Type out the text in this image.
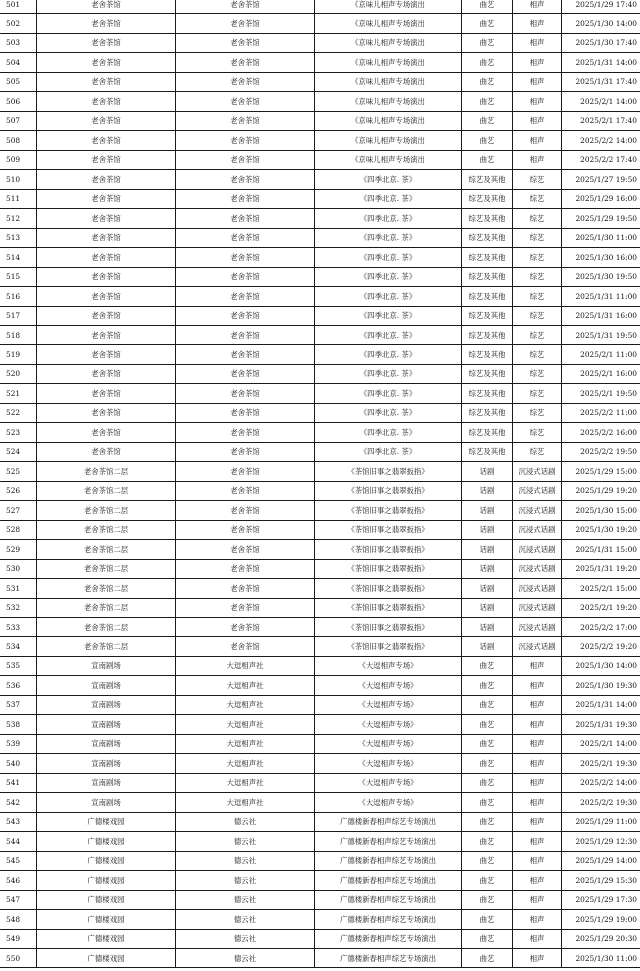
501	老舍茶馆	老舍茶馆	《京味儿相声专场演出	曲艺	相声	2025/1/29 17:40
502	老舍茶馆	老舍茶馆	《京味儿相声专场演出	曲艺	相声	2025/1/30 14:00
503	老舍茶馆	老舍茶馆	《京味儿相声专场演出	曲艺	相声	2025/1/30 17:40
504	老舍茶馆	老舍茶馆	《京味儿相声专场演出	曲艺	相声	2025/1/31 14:00
505	老舍茶馆	老舍茶馆	《京味儿相声专场演出	曲艺	相声	2025/1/31 17:40
506	老舍茶馆	老舍茶馆	《京味儿相声专场演出	曲艺	相声	2025/2/1 14:00
507	老舍茶馆	老舍茶馆	《京味儿相声专场演出	曲艺	相声	2025/2/1 17:40
508	老舍茶馆	老舍茶馆	《京味儿相声专场演出	曲艺	相声	2025/2/2 14:00
509	老舍茶馆	老舍茶馆	《京味儿相声专场演出	曲艺	相声	2025/2/2 17:40
510	老舍茶馆	老舍茶馆	《四季北京. 茶》	综艺及其他	综艺	2025/1/27 19:50
511	老舍茶馆	老舍茶馆	《四季北京. 茶》	综艺及其他	综艺	2025/1/29 16:00
512	老舍茶馆	老舍茶馆	《四季北京. 茶》	综艺及其他	综艺	2025/1/29 19:50
513	老舍茶馆	老舍茶馆	《四季北京. 茶》	综艺及其他	综艺	2025/1/30 11:00
514	老舍茶馆	老舍茶馆	《四季北京. 茶》	综艺及其他	综艺	2025/1/30 16:00
515	老舍茶馆	老舍茶馆	《四季北京. 茶》	综艺及其他	综艺	2025/1/30 19:50
516	老舍茶馆	老舍茶馆	《四季北京. 茶》	综艺及其他	综艺	2025/1/31 11:00
517	老舍茶馆	老舍茶馆	《四季北京. 茶》	综艺及其他	综艺	2025/1/31 16:00
518	老舍茶馆	老舍茶馆	《四季北京. 茶》	综艺及其他	综艺	2025/1/31 19:50
519	老舍茶馆	老舍茶馆	《四季北京. 茶》	综艺及其他	综艺	2025/2/1 11:00
520	老舍茶馆	老舍茶馆	《四季北京. 茶》	综艺及其他	综艺	2025/2/1 16:00
521	老舍茶馆	老舍茶馆	《四季北京. 茶》	综艺及其他	综艺	2025/2/1 19:50
522	老舍茶馆	老舍茶馆	《四季北京. 茶》	综艺及其他	综艺	2025/2/2 11:00
523	老舍茶馆	老舍茶馆	《四季北京. 茶》	综艺及其他	综艺	2025/2/2 16:00
524	老舍茶馆	老舍茶馆	《四季北京. 茶》	综艺及其他	综艺	2025/2/2 19:50
525	老舍茶馆二层	老舍茶馆	《茶馆旧事之翡翠扳指》	话剧	沉浸式话剧	2025/1/29 15:00
526	老舍茶馆二层	老舍茶馆	《茶馆旧事之翡翠扳指》	话剧	沉浸式话剧	2025/1/29 19:20
527	老舍茶馆二层	老舍茶馆	《茶馆旧事之翡翠扳指》	话剧	沉浸式话剧	2025/1/30 15:00
528	老舍茶馆二层	老舍茶馆	《茶馆旧事之翡翠扳指》	话剧	沉浸式话剧	2025/1/30 19:20
529	老舍茶馆二层	老舍茶馆	《茶馆旧事之翡翠扳指》	话剧	沉浸式话剧	2025/1/31 15:00
530	老舍茶馆二层	老舍茶馆	《茶馆旧事之翡翠扳指》	话剧	沉浸式话剧	2025/1/31 19:20
531	老舍茶馆二层	老舍茶馆	《茶馆旧事之翡翠扳指》	话剧	沉浸式话剧	2025/2/1 15:00
532	老舍茶馆二层	老舍茶馆	《茶馆旧事之翡翠扳指》	话剧	沉浸式话剧	2025/2/1 19:20
533	老舍茶馆二层	老舍茶馆	《茶馆旧事之翡翠扳指》	话剧	沉浸式话剧	2025/2/2 17:00
534	老舍茶馆二层	老舍茶馆	《茶馆旧事之翡翠扳指》	话剧	沉浸式话剧	2025/2/2 19:20
535	宣南剧场	大逗相声社	《大逗相声专场》	曲艺	相声	2025/1/30 14:00
536	宣南剧场	大逗相声社	《大逗相声专场》	曲艺	相声	2025/1/30 19:30
537	宣南剧场	大逗相声社	《大逗相声专场》	曲艺	相声	2025/1/31 14:00
538	宣南剧场	大逗相声社	《大逗相声专场》	曲艺	相声	2025/1/31 19:30
539	宣南剧场	大逗相声社	《大逗相声专场》	曲艺	相声	2025/2/1 14:00
540	宣南剧场	大逗相声社	《大逗相声专场》	曲艺	相声	2025/2/1 19:30
541	宣南剧场	大逗相声社	《大逗相声专场》	曲艺	相声	2025/2/2 14:00
542	宣南剧场	大逗相声社	《大逗相声专场》	曲艺	相声	2025/2/2 19:30
543	广德楼戏园	德云社	广德楼新春相声综艺专场演出	曲艺	相声	2025/1/29 11:00
544	广德楼戏园	德云社	广德楼新春相声综艺专场演出	曲艺	相声	2025/1/29 12:30
545	广德楼戏园	德云社	广德楼新春相声综艺专场演出	曲艺	相声	2025/1/29 14:00
546	广德楼戏园	德云社	广德楼新春相声综艺专场演出	曲艺	相声	2025/1/29 15:30
547	广德楼戏园	德云社	广德楼新春相声综艺专场演出	曲艺	相声	2025/1/29 17:30
548	广德楼戏园	德云社	广德楼新春相声综艺专场演出	曲艺	相声	2025/1/29 19:00
549	广德楼戏园	德云社	广德楼新春相声综艺专场演出	曲艺	相声	2025/1/29 20:30
550	广德楼戏园	德云社	广德楼新春相声综艺专场演出	曲艺	相声	2025/1/30 11:00
